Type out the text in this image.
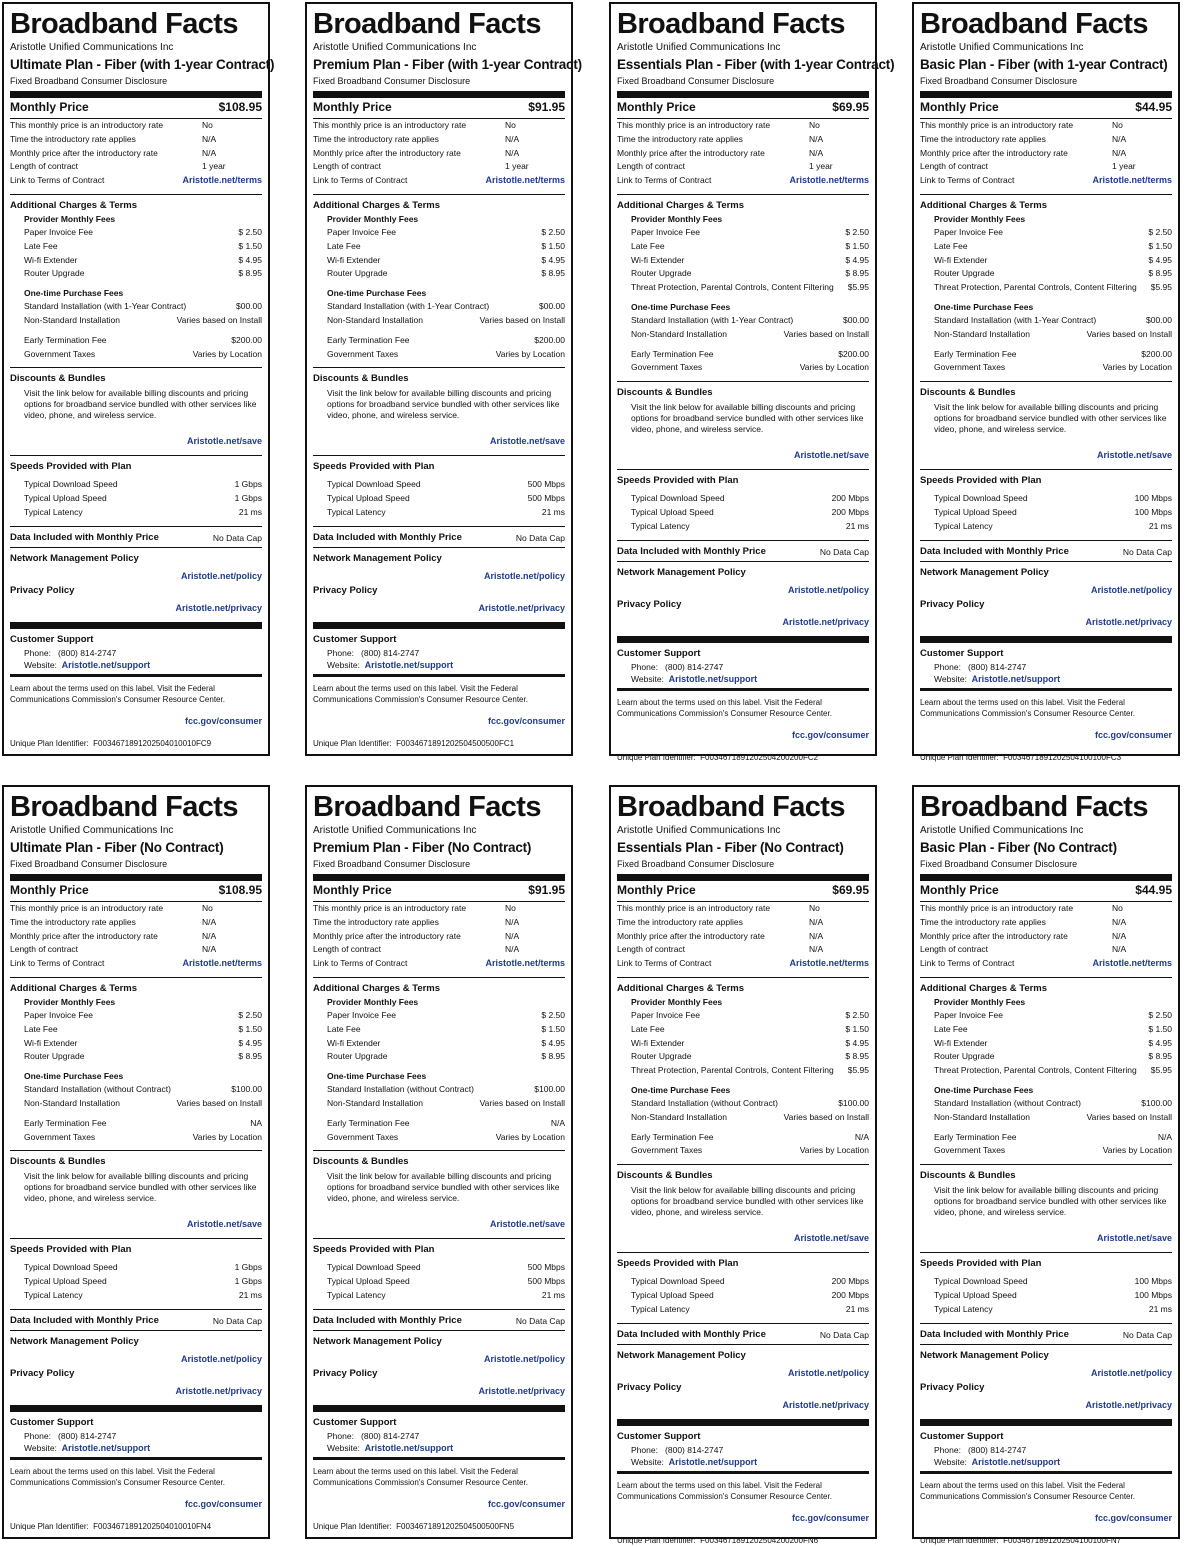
Broadband Facts
Aristotle Unified Communications Inc
Ultimate Plan - Fiber (with 1-year Contract)
Fixed Broadband Consumer Disclosure
Monthly Price	$108.95
This monthly price is an introductory rate	No
Time the introductory rate applies	N/A
Monthly price after the introductory rate	N/A
Length of contract	1 year
Link to Terms of Contract	Aristotle.net/terms
Additional Charges & Terms
Provider Monthly Fees
Paper Invoice Fee	$ 2.50
Late Fee	$ 1.50
Wi-fi Extender	$ 4.95
Router Upgrade	$ 8.95
One-time Purchase Fees
Standard Installation (with 1-Year Contract)	$00.00
Non-Standard Installation	Varies based on Install
Early Termination Fee	$200.00
Government Taxes	Varies by Location
Discounts & Bundles
Visit the link below for available billing discounts and pricing options for broadband service bundled with other services like video, phone, and wireless service.
Aristotle.net/save
Speeds Provided with Plan
Typical Download Speed	1 Gbps
Typical Upload Speed	1 Gbps
Typical Latency	21 ms
Data Included with Monthly Price	No Data Cap
Network Management Policy
Aristotle.net/policy
Privacy Policy
Aristotle.net/privacy
Customer Support
Phone: (800) 814-2747
Website: Aristotle.net/support
Learn about the terms used on this label. Visit the Federal Communications Commission's Consumer Resource Center.
fcc.gov/consumer
Unique Plan Identifier: F0034671891202504010010FC9
Broadband Facts
Aristotle Unified Communications Inc
Premium Plan - Fiber (with 1-year Contract)
Fixed Broadband Consumer Disclosure
Monthly Price	$91.95
This monthly price is an introductory rate	No
Time the introductory rate applies	N/A
Monthly price after the introductory rate	N/A
Length of contract	1 year
Link to Terms of Contract	Aristotle.net/terms
Additional Charges & Terms
Provider Monthly Fees
Paper Invoice Fee	$ 2.50
Late Fee	$ 1.50
Wi-fi Extender	$ 4.95
Router Upgrade	$ 8.95
One-time Purchase Fees
Standard Installation (with 1-Year Contract)	$00.00
Non-Standard Installation	Varies based on Install
Early Termination Fee	$200.00
Government Taxes	Varies by Location
Discounts & Bundles
Visit the link below for available billing discounts and pricing options for broadband service bundled with other services like video, phone, and wireless service.
Aristotle.net/save
Speeds Provided with Plan
Typical Download Speed	500 Mbps
Typical Upload Speed	500 Mbps
Typical Latency	21 ms
Data Included with Monthly Price	No Data Cap
Network Management Policy
Aristotle.net/policy
Privacy Policy
Aristotle.net/privacy
Customer Support
Phone: (800) 814-2747
Website: Aristotle.net/support
Learn about the terms used on this label. Visit the Federal Communications Commission's Consumer Resource Center.
fcc.gov/consumer
Unique Plan Identifier: F0034671891202504500500FC1
Broadband Facts
Aristotle Unified Communications Inc
Essentials Plan - Fiber (with 1-year Contract)
Fixed Broadband Consumer Disclosure
Monthly Price	$69.95
This monthly price is an introductory rate	No
Time the introductory rate applies	N/A
Monthly price after the introductory rate	N/A
Length of contract	1 year
Link to Terms of Contract	Aristotle.net/terms
Additional Charges & Terms
Provider Monthly Fees
Paper Invoice Fee	$ 2.50
Late Fee	$ 1.50
Wi-fi Extender	$ 4.95
Router Upgrade	$ 8.95
Threat Protection, Parental Controls, Content Filtering $5.95
One-time Purchase Fees
Standard Installation (with 1-Year Contract)	$00.00
Non-Standard Installation	Varies based on Install
Early Termination Fee	$200.00
Government Taxes	Varies by Location
Discounts & Bundles
Visit the link below for available billing discounts and pricing options for broadband service bundled with other services like video, phone, and wireless service.
Aristotle.net/save
Speeds Provided with Plan
Typical Download Speed	200 Mbps
Typical Upload Speed	200 Mbps
Typical Latency	21 ms
Data Included with Monthly Price	No Data Cap
Network Management Policy
Aristotle.net/policy
Privacy Policy
Aristotle.net/privacy
Customer Support
Phone: (800) 814-2747
Website: Aristotle.net/support
Learn about the terms used on this label. Visit the Federal Communications Commission's Consumer Resource Center.
fcc.gov/consumer
Unique Plan Identifier: F0034671891202504200200FC2
Broadband Facts
Aristotle Unified Communications Inc
Basic Plan - Fiber (with 1-year Contract)
Fixed Broadband Consumer Disclosure
Monthly Price	$44.95
This monthly price is an introductory rate	No
Time the introductory rate applies	N/A
Monthly price after the introductory rate	N/A
Length of contract	1 year
Link to Terms of Contract	Aristotle.net/terms
Additional Charges & Terms
Provider Monthly Fees
Paper Invoice Fee	$ 2.50
Late Fee	$ 1.50
Wi-fi Extender	$ 4.95
Router Upgrade	$ 8.95
Threat Protection, Parental Controls, Content Filtering $5.95
One-time Purchase Fees
Standard Installation (with 1-Year Contract)	$00.00
Non-Standard Installation	Varies based on Install
Early Termination Fee	$200.00
Government Taxes	Varies by Location
Discounts & Bundles
Visit the link below for available billing discounts and pricing options for broadband service bundled with other services like video, phone, and wireless service.
Aristotle.net/save
Speeds Provided with Plan
Typical Download Speed	100 Mbps
Typical Upload Speed	100 Mbps
Typical Latency	21 ms
Data Included with Monthly Price	No Data Cap
Network Management Policy
Aristotle.net/policy
Privacy Policy
Aristotle.net/privacy
Customer Support
Phone: (800) 814-2747
Website: Aristotle.net/support
Learn about the terms used on this label. Visit the Federal Communications Commission's Consumer Resource Center.
fcc.gov/consumer
Unique Plan Identifier: F0034671891202504100100FC3
Broadband Facts
Aristotle Unified Communications Inc
Ultimate Plan - Fiber (No Contract)
Fixed Broadband Consumer Disclosure
Monthly Price	$108.95
This monthly price is an introductory rate	No
Time the introductory rate applies	N/A
Monthly price after the introductory rate	N/A
Length of contract	N/A
Link to Terms of Contract	Aristotle.net/terms
Additional Charges & Terms
Provider Monthly Fees
Paper Invoice Fee	$ 2.50
Late Fee	$ 1.50
Wi-fi Extender	$ 4.95
Router Upgrade	$ 8.95
One-time Purchase Fees
Standard Installation (without Contract)	$100.00
Non-Standard Installation	Varies based on Install
Early Termination Fee	NA
Government Taxes	Varies by Location
Discounts & Bundles
Visit the link below for available billing discounts and pricing options for broadband service bundled with other services like video, phone, and wireless service.
Aristotle.net/save
Speeds Provided with Plan
Typical Download Speed	1 Gbps
Typical Upload Speed	1 Gbps
Typical Latency	21 ms
Data Included with Monthly Price	No Data Cap
Network Management Policy
Aristotle.net/policy
Privacy Policy
Aristotle.net/privacy
Customer Support
Phone: (800) 814-2747
Website: Aristotle.net/support
Learn about the terms used on this label. Visit the Federal Communications Commission's Consumer Resource Center.
fcc.gov/consumer
Unique Plan Identifier: F0034671891202504010010FN4
Broadband Facts
Aristotle Unified Communications Inc
Premium Plan - Fiber (No Contract)
Fixed Broadband Consumer Disclosure
Monthly Price	$91.95
This monthly price is an introductory rate	No
Time the introductory rate applies	N/A
Monthly price after the introductory rate	N/A
Length of contract	N/A
Link to Terms of Contract	Aristotle.net/terms
Additional Charges & Terms
Provider Monthly Fees
Paper Invoice Fee	$ 2.50
Late Fee	$ 1.50
Wi-fi Extender	$ 4.95
Router Upgrade	$ 8.95
One-time Purchase Fees
Standard Installation (without Contract)	$100.00
Non-Standard Installation	Varies based on Install
Early Termination Fee	N/A
Government Taxes	Varies by Location
Discounts & Bundles
Visit the link below for available billing discounts and pricing options for broadband service bundled with other services like video, phone, and wireless service.
Aristotle.net/save
Speeds Provided with Plan
Typical Download Speed	500 Mbps
Typical Upload Speed	500 Mbps
Typical Latency	21 ms
Data Included with Monthly Price	No Data Cap
Network Management Policy
Aristotle.net/policy
Privacy Policy
Aristotle.net/privacy
Customer Support
Phone: (800) 814-2747
Website: Aristotle.net/support
Learn about the terms used on this label. Visit the Federal Communications Commission's Consumer Resource Center.
fcc.gov/consumer
Unique Plan Identifier: F0034671891202504500500FN5
Broadband Facts
Aristotle Unified Communications Inc
Essentials Plan - Fiber (No Contract)
Fixed Broadband Consumer Disclosure
Monthly Price	$69.95
This monthly price is an introductory rate	No
Time the introductory rate applies	N/A
Monthly price after the introductory rate	N/A
Length of contract	N/A
Link to Terms of Contract	Aristotle.net/terms
Additional Charges & Terms
Provider Monthly Fees
Paper Invoice Fee	$ 2.50
Late Fee	$ 1.50
Wi-fi Extender	$ 4.95
Router Upgrade	$ 8.95
Threat Protection, Parental Controls, Content Filtering $5.95
One-time Purchase Fees
Standard Installation (without Contract)	$100.00
Non-Standard Installation	Varies based on Install
Early Termination Fee	N/A
Government Taxes	Varies by Location
Discounts & Bundles
Visit the link below for available billing discounts and pricing options for broadband service bundled with other services like video, phone, and wireless service.
Aristotle.net/save
Speeds Provided with Plan
Typical Download Speed	200 Mbps
Typical Upload Speed	200 Mbps
Typical Latency	21 ms
Data Included with Monthly Price	No Data Cap
Network Management Policy
Aristotle.net/policy
Privacy Policy
Aristotle.net/privacy
Customer Support
Phone: (800) 814-2747
Website: Aristotle.net/support
Learn about the terms used on this label. Visit the Federal Communications Commission's Consumer Resource Center.
fcc.gov/consumer
Unique Plan Identifier: F0034671891202504200200FN6
Broadband Facts
Aristotle Unified Communications Inc
Basic Plan - Fiber (No Contract)
Fixed Broadband Consumer Disclosure
Monthly Price	$44.95
This monthly price is an introductory rate	No
Time the introductory rate applies	N/A
Monthly price after the introductory rate	N/A
Length of contract	N/A
Link to Terms of Contract	Aristotle.net/terms
Additional Charges & Terms
Provider Monthly Fees
Paper Invoice Fee	$ 2.50
Late Fee	$ 1.50
Wi-fi Extender	$ 4.95
Router Upgrade	$ 8.95
Threat Protection, Parental Controls, Content Filtering $5.95
One-time Purchase Fees
Standard Installation (without Contract)	$100.00
Non-Standard Installation	Varies based on Install
Early Termination Fee	N/A
Government Taxes	Varies by Location
Discounts & Bundles
Visit the link below for available billing discounts and pricing options for broadband service bundled with other services like video, phone, and wireless service.
Aristotle.net/save
Speeds Provided with Plan
Typical Download Speed	100 Mbps
Typical Upload Speed	100 Mbps
Typical Latency	21 ms
Data Included with Monthly Price	No Data Cap
Network Management Policy
Aristotle.net/policy
Privacy Policy
Aristotle.net/privacy
Customer Support
Phone: (800) 814-2747
Website: Aristotle.net/support
Learn about the terms used on this label. Visit the Federal Communications Commission's Consumer Resource Center.
fcc.gov/consumer
Unique Plan Identifier: F0034671891202504100100FN7
